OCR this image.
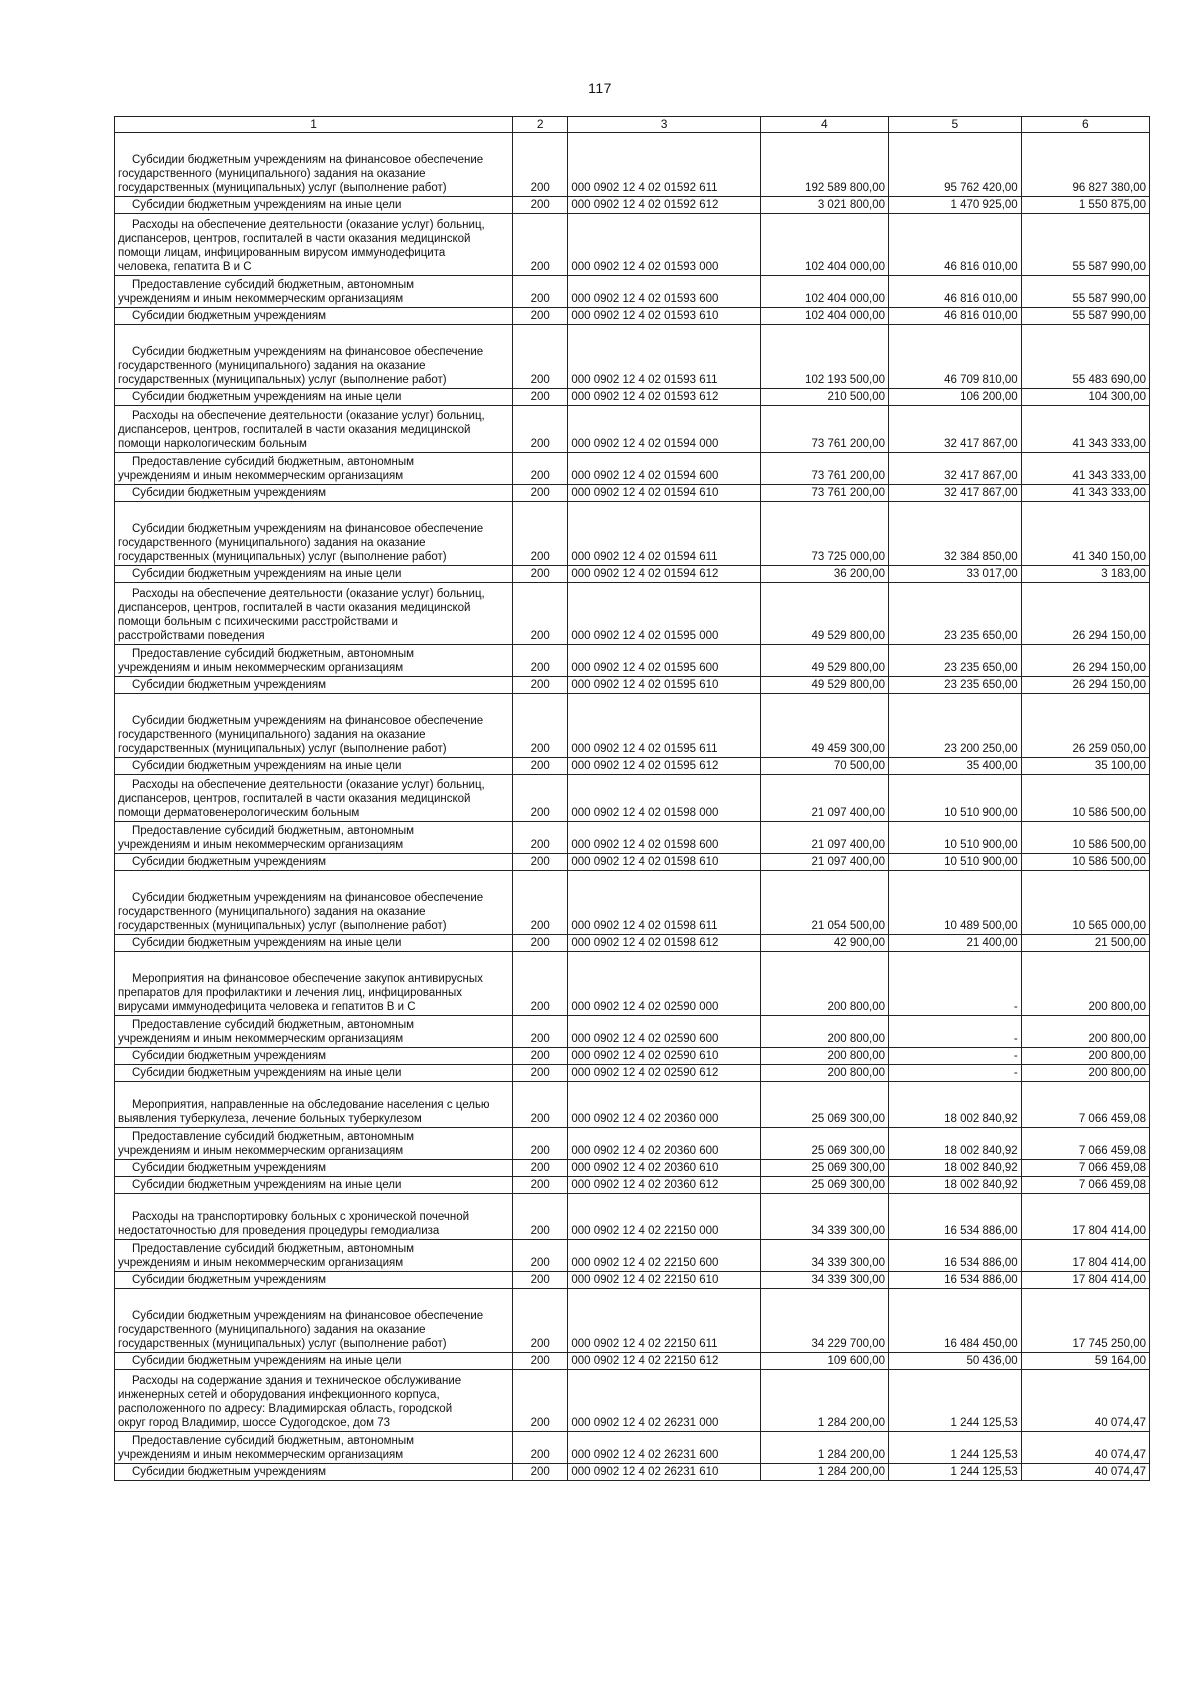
117
1	2	3	4	5	6

Субсидии бюджетным учреждениям на финансовое обеспечение
государственного (муниципального) задания на оказание
государственных (муниципальных) услуг (выполнение работ)	200	000 0902 12 4 02 01592 611	192 589 800,00	95 762 420,00	96 827 380,00

Субсидии бюджетным учреждениям на иные цели	200	000 0902 12 4 02 01592 612	3 021 800,00	1 470 925,00	1 550 875,00

Расходы на обеспечение деятельности (оказание услуг) больниц,
диспансеров, центров, госпиталей в части оказания медицинской
помощи лицам, инфицированным вирусом иммунодефицита
человека, гепатита В и С	200	000 0902 12 4 02 01593 000	102 404 000,00	46 816 010,00	55 587 990,00

Предоставление субсидий бюджетным, автономным
учреждениям и иным некоммерческим организациям	200	000 0902 12 4 02 01593 600	102 404 000,00	46 816 010,00	55 587 990,00

Субсидии бюджетным учреждениям	200	000 0902 12 4 02 01593 610	102 404 000,00	46 816 010,00	55 587 990,00

Субсидии бюджетным учреждениям на финансовое обеспечение
государственного (муниципального) задания на оказание
государственных (муниципальных) услуг (выполнение работ)	200	000 0902 12 4 02 01593 611	102 193 500,00	46 709 810,00	55 483 690,00

Субсидии бюджетным учреждениям на иные цели	200	000 0902 12 4 02 01593 612	210 500,00	106 200,00	104 300,00

Расходы на обеспечение деятельности (оказание услуг) больниц,
диспансеров, центров, госпиталей в части оказания медицинской
помощи наркологическим больным	200	000 0902 12 4 02 01594 000	73 761 200,00	32 417 867,00	41 343 333,00

Предоставление субсидий бюджетным, автономным
учреждениям и иным некоммерческим организациям	200	000 0902 12 4 02 01594 600	73 761 200,00	32 417 867,00	41 343 333,00

Субсидии бюджетным учреждениям	200	000 0902 12 4 02 01594 610	73 761 200,00	32 417 867,00	41 343 333,00

Субсидии бюджетным учреждениям на финансовое обеспечение
государственного (муниципального) задания на оказание
государственных (муниципальных) услуг (выполнение работ)	200	000 0902 12 4 02 01594 611	73 725 000,00	32 384 850,00	41 340 150,00

Субсидии бюджетным учреждениям на иные цели	200	000 0902 12 4 02 01594 612	36 200,00	33 017,00	3 183,00

Расходы на обеспечение деятельности (оказание услуг) больниц,
диспансеров, центров, госпиталей в части оказания медицинской
помощи больным с психическими расстройствами и
расстройствами поведения	200	000 0902 12 4 02 01595 000	49 529 800,00	23 235 650,00	26 294 150,00

Предоставление субсидий бюджетным, автономным
учреждениям и иным некоммерческим организациям	200	000 0902 12 4 02 01595 600	49 529 800,00	23 235 650,00	26 294 150,00

Субсидии бюджетным учреждениям	200	000 0902 12 4 02 01595 610	49 529 800,00	23 235 650,00	26 294 150,00

Субсидии бюджетным учреждениям на финансовое обеспечение
государственного (муниципального) задания на оказание
государственных (муниципальных) услуг (выполнение работ)	200	000 0902 12 4 02 01595 611	49 459 300,00	23 200 250,00	26 259 050,00

Субсидии бюджетным учреждениям на иные цели	200	000 0902 12 4 02 01595 612	70 500,00	35 400,00	35 100,00

Расходы на обеспечение деятельности (оказание услуг) больниц,
диспансеров, центров, госпиталей в части оказания медицинской
помощи дерматовенерологическим больным	200	000 0902 12 4 02 01598 000	21 097 400,00	10 510 900,00	10 586 500,00

Предоставление субсидий бюджетным, автономным
учреждениям и иным некоммерческим организациям	200	000 0902 12 4 02 01598 600	21 097 400,00	10 510 900,00	10 586 500,00

Субсидии бюджетным учреждениям	200	000 0902 12 4 02 01598 610	21 097 400,00	10 510 900,00	10 586 500,00

Субсидии бюджетным учреждениям на финансовое обеспечение
государственного (муниципального) задания на оказание
государственных (муниципальных) услуг (выполнение работ)	200	000 0902 12 4 02 01598 611	21 054 500,00	10 489 500,00	10 565 000,00

Субсидии бюджетным учреждениям на иные цели	200	000 0902 12 4 02 01598 612	42 900,00	21 400,00	21 500,00

Мероприятия на финансовое обеспечение закупок антивирусных
препаратов для профилактики и лечения лиц, инфицированных
вирусами иммунодефицита человека и гепатитов В и С	200	000 0902 12 4 02 02590 000	200 800,00	-	200 800,00

Предоставление субсидий бюджетным, автономным
учреждениям и иным некоммерческим организациям	200	000 0902 12 4 02 02590 600	200 800,00	-	200 800,00

Субсидии бюджетным учреждениям	200	000 0902 12 4 02 02590 610	200 800,00	-	200 800,00

Субсидии бюджетным учреждениям на иные цели	200	000 0902 12 4 02 02590 612	200 800,00	-	200 800,00

Мероприятия, направленные на обследование населения с целью
выявления туберкулеза, лечение больных туберкулезом	200	000 0902 12 4 02 20360 000	25 069 300,00	18 002 840,92	7 066 459,08

Предоставление субсидий бюджетным, автономным
учреждениям и иным некоммерческим организациям	200	000 0902 12 4 02 20360 600	25 069 300,00	18 002 840,92	7 066 459,08

Субсидии бюджетным учреждениям	200	000 0902 12 4 02 20360 610	25 069 300,00	18 002 840,92	7 066 459,08

Субсидии бюджетным учреждениям на иные цели	200	000 0902 12 4 02 20360 612	25 069 300,00	18 002 840,92	7 066 459,08

Расходы на транспортировку больных с хронической почечной
недостаточностью для проведения процедуры гемодиализа	200	000 0902 12 4 02 22150 000	34 339 300,00	16 534 886,00	17 804 414,00

Предоставление субсидий бюджетным, автономным
учреждениям и иным некоммерческим организациям	200	000 0902 12 4 02 22150 600	34 339 300,00	16 534 886,00	17 804 414,00

Субсидии бюджетным учреждениям	200	000 0902 12 4 02 22150 610	34 339 300,00	16 534 886,00	17 804 414,00

Субсидии бюджетным учреждениям на финансовое обеспечение
государственного (муниципального) задания на оказание
государственных (муниципальных) услуг (выполнение работ)	200	000 0902 12 4 02 22150 611	34 229 700,00	16 484 450,00	17 745 250,00

Субсидии бюджетным учреждениям на иные цели	200	000 0902 12 4 02 22150 612	109 600,00	50 436,00	59 164,00

Расходы на содержание здания и техническое обслуживание
инженерных сетей и оборудования инфекционного корпуса,
расположенного по адресу: Владимирская область, городской
округ город Владимир, шоссе Судогодское, дом 73	200	000 0902 12 4 02 26231 000	1 284 200,00	1 244 125,53	40 074,47

Предоставление субсидий бюджетным, автономным
учреждениям и иным некоммерческим организациям	200	000 0902 12 4 02 26231 600	1 284 200,00	1 244 125,53	40 074,47

Субсидии бюджетным учреждениям	200	000 0902 12 4 02 26231 610	1 284 200,00	1 244 125,53	40 074,47
